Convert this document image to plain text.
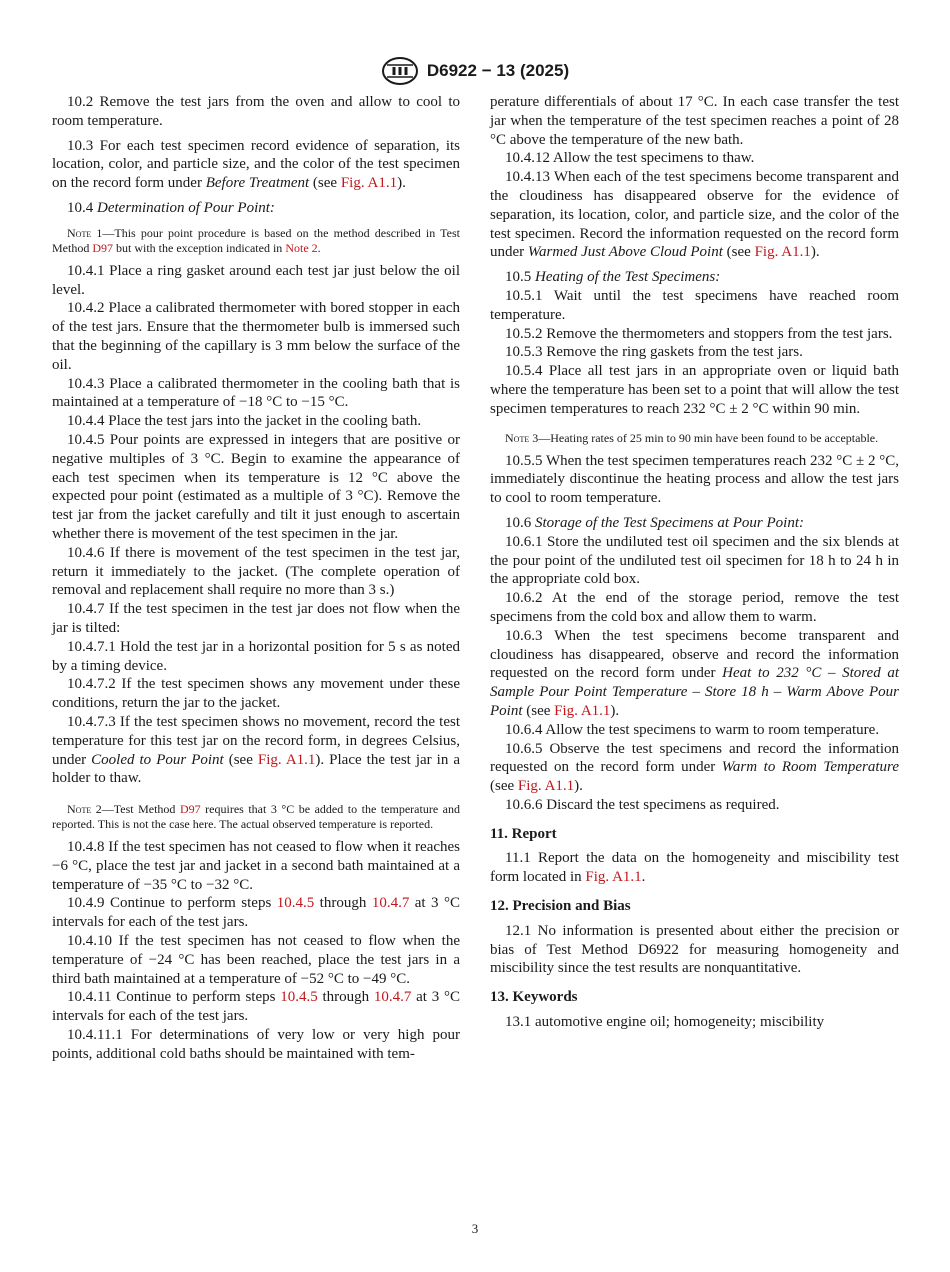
D6922 − 13 (2025)

10.2 Remove the test jars from the oven and allow to cool to room temperature.

10.3 For each test specimen record evidence of separation, its location, color, and particle size, and the color of the test specimen on the record form under Before Treatment (see Fig. A1.1).

10.4 Determination of Pour Point:

Note 1—This pour point procedure is based on the method described in Test Method D97 but with the exception indicated in Note 2.

10.4.1 Place a ring gasket around each test jar just below the oil level.

10.4.2 Place a calibrated thermometer with bored stopper in each of the test jars. Ensure that the thermometer bulb is immersed such that the beginning of the capillary is 3 mm below the surface of the oil.

10.4.3 Place a calibrated thermometer in the cooling bath that is maintained at a temperature of −18 °C to −15 °C.

10.4.4 Place the test jars into the jacket in the cooling bath.

10.4.5 Pour points are expressed in integers that are positive or negative multiples of 3 °C. Begin to examine the appearance of each test specimen when its temperature is 12 °C above the expected pour point (estimated as a multiple of 3 °C). Remove the test jar from the jacket carefully and tilt it just enough to ascertain whether there is movement of the test specimen in the jar.

10.4.6 If there is movement of the test specimen in the test jar, return it immediately to the jacket. (The complete operation of removal and replacement shall require no more than 3 s.)

10.4.7 If the test specimen in the test jar does not flow when the jar is tilted:

10.4.7.1 Hold the test jar in a horizontal position for 5 s as noted by a timing device.

10.4.7.2 If the test specimen shows any movement under these conditions, return the jar to the jacket.

10.4.7.3 If the test specimen shows no movement, record the test temperature for this test jar on the record form, in degrees Celsius, under Cooled to Pour Point (see Fig. A1.1). Place the test jar in a holder to thaw.

Note 2—Test Method D97 requires that 3 °C be added to the temperature and reported. This is not the case here. The actual observed temperature is reported.

10.4.8 If the test specimen has not ceased to flow when it reaches −6 °C, place the test jar and jacket in a second bath maintained at a temperature of −35 °C to −32 °C.

10.4.9 Continue to perform steps 10.4.5 through 10.4.7 at 3 °C intervals for each of the test jars.

10.4.10 If the test specimen has not ceased to flow when the temperature of −24 °C has been reached, place the test jars in a third bath maintained at a temperature of −52 °C to −49 °C.

10.4.11 Continue to perform steps 10.4.5 through 10.4.7 at 3 °C intervals for each of the test jars.

10.4.11.1 For determinations of very low or very high pour points, additional cold baths should be maintained with tem-

perature differentials of about 17 °C. In each case transfer the test jar when the temperature of the test specimen reaches a point of 28 °C above the temperature of the new bath.

10.4.12 Allow the test specimens to thaw.

10.4.13 When each of the test specimens become transparent and the cloudiness has disappeared observe for the evidence of separation, its location, color, and particle size, and the color of the test specimen. Record the information requested on the record form under Warmed Just Above Cloud Point (see Fig. A1.1).

10.5 Heating of the Test Specimens:

10.5.1 Wait until the test specimens have reached room temperature.

10.5.2 Remove the thermometers and stoppers from the test jars.

10.5.3 Remove the ring gaskets from the test jars.

10.5.4 Place all test jars in an appropriate oven or liquid bath where the temperature has been set to a point that will allow the test specimen temperatures to reach 232 °C ± 2 °C within 90 min.

Note 3—Heating rates of 25 min to 90 min have been found to be acceptable.

10.5.5 When the test specimen temperatures reach 232 °C ± 2 °C, immediately discontinue the heating process and allow the test jars to cool to room temperature.

10.6 Storage of the Test Specimens at Pour Point:

10.6.1 Store the undiluted test oil specimen and the six blends at the pour point of the undiluted test oil specimen for 18 h to 24 h in the appropriate cold box.

10.6.2 At the end of the storage period, remove the test specimens from the cold box and allow them to warm.

10.6.3 When the test specimens become transparent and cloudiness has disappeared, observe and record the information requested on the record form under Heat to 232 °C – Stored at Sample Pour Point Temperature – Store 18 h – Warm Above Pour Point (see Fig. A1.1).

10.6.4 Allow the test specimens to warm to room temperature.

10.6.5 Observe the test specimens and record the information requested on the record form under Warm to Room Temperature (see Fig. A1.1).

10.6.6 Discard the test specimens as required.

11. Report

11.1 Report the data on the homogeneity and miscibility test form located in Fig. A1.1.

12. Precision and Bias

12.1 No information is presented about either the precision or bias of Test Method D6922 for measuring homogeneity and miscibility since the test results are nonquantitative.

13. Keywords

13.1 automotive engine oil; homogeneity; miscibility

3
